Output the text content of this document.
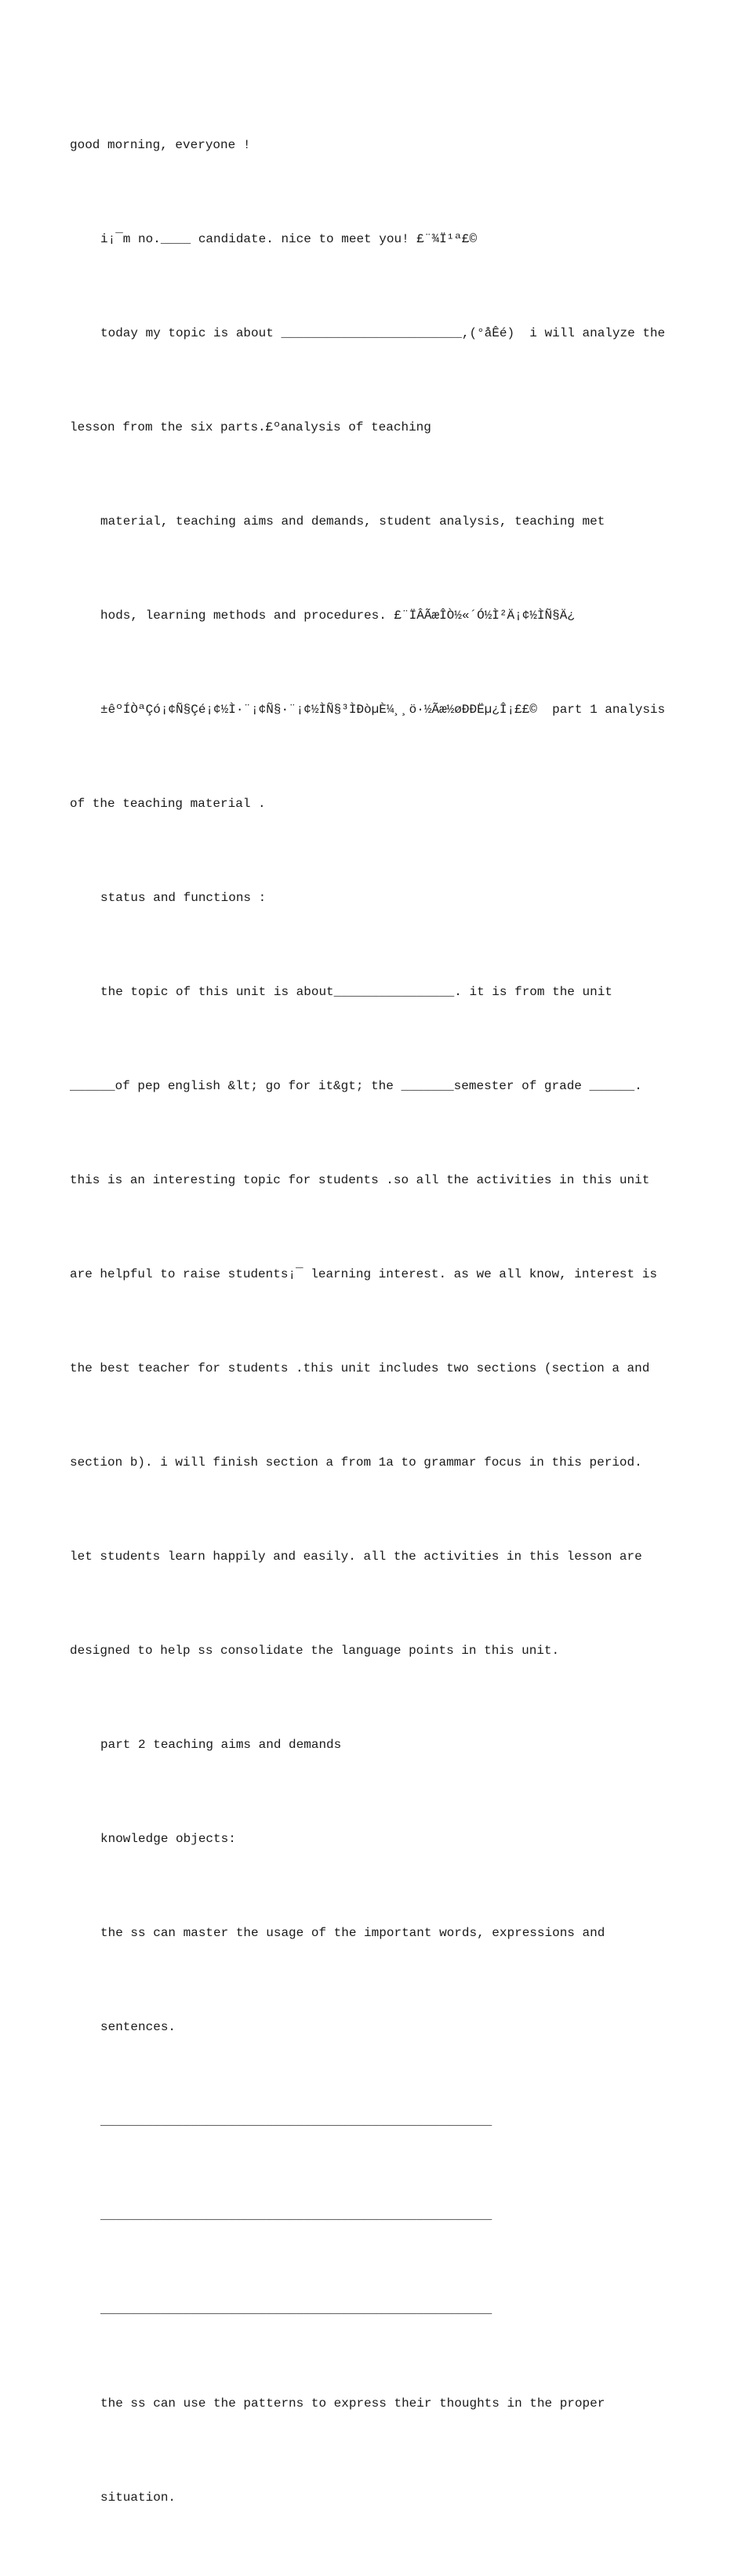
good morning, everyone !

i¡¯m no.____ candidate. nice to meet you! £¨¾Ï¹ª£©

today my topic is about ________________________,(°åÊé)  i will analyze the

lesson from the six parts.£ºanalysis of teaching

material, teaching aims and demands, student analysis, teaching met

hods, learning methods and procedures. £¨ÏÂÃæÎÒ½«´Ó½Ì²Ä¡¢½ÌÑ§Ä¿

±êºÍÒªÇó¡¢Ñ§Çé¡¢½Ì·¨¡¢Ñ§·¨¡¢½ÌÑ§³ÌÐòµÈ¼¸¸ö·½Ãæ½øÐÐËµ¿Î¡££©  part 1 analysis

of the teaching material .

status and functions :

the topic of this unit is about________________. it is from the unit

______of pep english &lt; go for it&gt; the _______semester of grade ______.

this is an interesting topic for students .so all the activities in this unit

are helpful to raise students¡¯ learning interest. as we all know, interest is

the best teacher for students .this unit includes two sections (section a and

section b). i will finish section a from 1a to grammar focus in this period.

let students learn happily and easily. all the activities in this lesson are

designed to help ss consolidate the language points in this unit.

part 2 teaching aims and demands

knowledge objects:

the ss can master the usage of the important words, expressions and

sentences.

____________________________________________________

____________________________________________________

____________________________________________________

the ss can use the patterns to express their thoughts in the proper

situation.
